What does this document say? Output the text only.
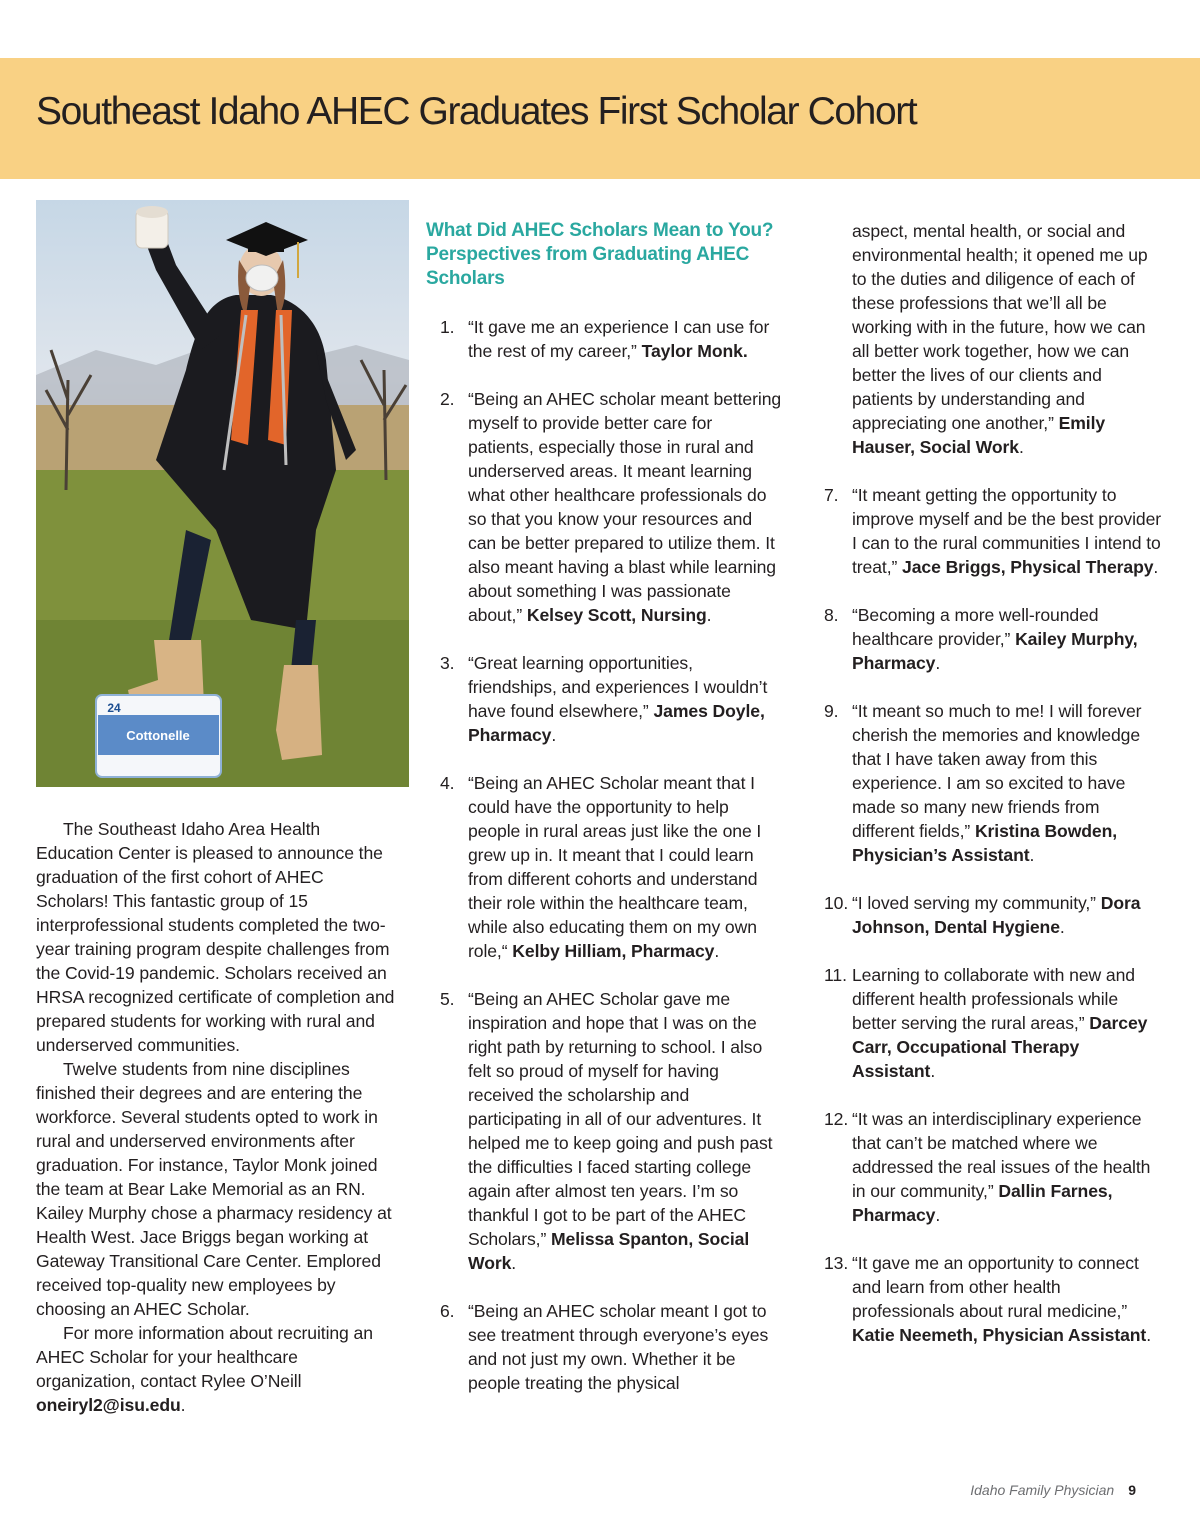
Southeast Idaho AHEC Graduates First Scholar Cohort
Cottonelle
24

The Southeast Idaho Area Health Education Center is pleased to announce the graduation of the first cohort of AHEC Scholars! This fantastic group of 15 interprofessional students completed the two-year training program despite challenges from the Covid-19 pandemic. Scholars received an HRSA recognized certificate of completion and prepared students for working with rural and underserved communities.

Twelve students from nine disciplines finished their degrees and are entering the workforce. Several students opted to work in rural and underserved environments after graduation. For instance, Taylor Monk joined the team at Bear Lake Memorial as an RN. Kailey Murphy chose a pharmacy residency at Health West. Jace Briggs began working at Gateway Transitional Care Center. Emplored received top-quality new employees by choosing an AHEC Scholar.

For more information about recruiting an AHEC Scholar for your healthcare organization, contact Rylee O’Neill oneiryl2@isu.edu.

What Did AHEC Scholars Mean to You? Perspectives from Graduating AHEC Scholars
1. “It gave me an experience I can use for the rest of my career,” Taylor Monk.
2. “Being an AHEC scholar meant bettering myself to provide better care for patients, especially those in rural and underserved areas. It meant learning what other healthcare professionals do so that you know your resources and can be better prepared to utilize them. It also meant having a blast while learning about something I was passionate about,” Kelsey Scott, Nursing.
3. “Great learning opportunities, friendships, and experiences I wouldn’t have found elsewhere,” James Doyle, Pharmacy.
4. “Being an AHEC Scholar meant that I could have the opportunity to help people in rural areas just like the one I grew up in. It meant that I could learn from different cohorts and understand their role within the healthcare team, while also educating them on my own role,“ Kelby Hilliam, Pharmacy.
5. “Being an AHEC Scholar gave me inspiration and hope that I was on the right path by returning to school. I also felt so proud of myself for having received the scholarship and participating in all of our adventures. It helped me to keep going and push past the difficulties I faced starting college again after almost ten years. I’m so thankful I got to be part of the AHEC Scholars,” Melissa Spanton, Social Work.
6. “Being an AHEC scholar meant I got to see treatment through everyone’s eyes and not just my own. Whether it be people treating the physical
aspect, mental health, or social and environmental health; it opened me up to the duties and diligence of each of these professions that we’ll all be working with in the future, how we can all better work together, how we can better the lives of our clients and patients by understanding and appreciating one another,” Emily Hauser, Social Work.
7. “It meant getting the opportunity to improve myself and be the best provider I can to the rural communities I intend to treat,” Jace Briggs, Physical Therapy.
8. “Becoming a more well-rounded healthcare provider,” Kailey Murphy, Pharmacy.
9. “It meant so much to me! I will forever cherish the memories and knowledge that I have taken away from this experience. I am so excited to have made so many new friends from different fields,” Kristina Bowden, Physician’s Assistant.
10. “I loved serving my community,” Dora Johnson, Dental Hygiene.
11. Learning to collaborate with new and different health professionals while better serving the rural areas,” Darcey Carr, Occupational Therapy Assistant.
12. “It was an interdisciplinary experience that can’t be matched where we addressed the real issues of the health in our community,” Dallin Farnes, Pharmacy.
13. “It gave me an opportunity to connect and learn from other health professionals about rural medicine,” Katie Neemeth, Physician Assistant.
Idaho Family Physician 9
